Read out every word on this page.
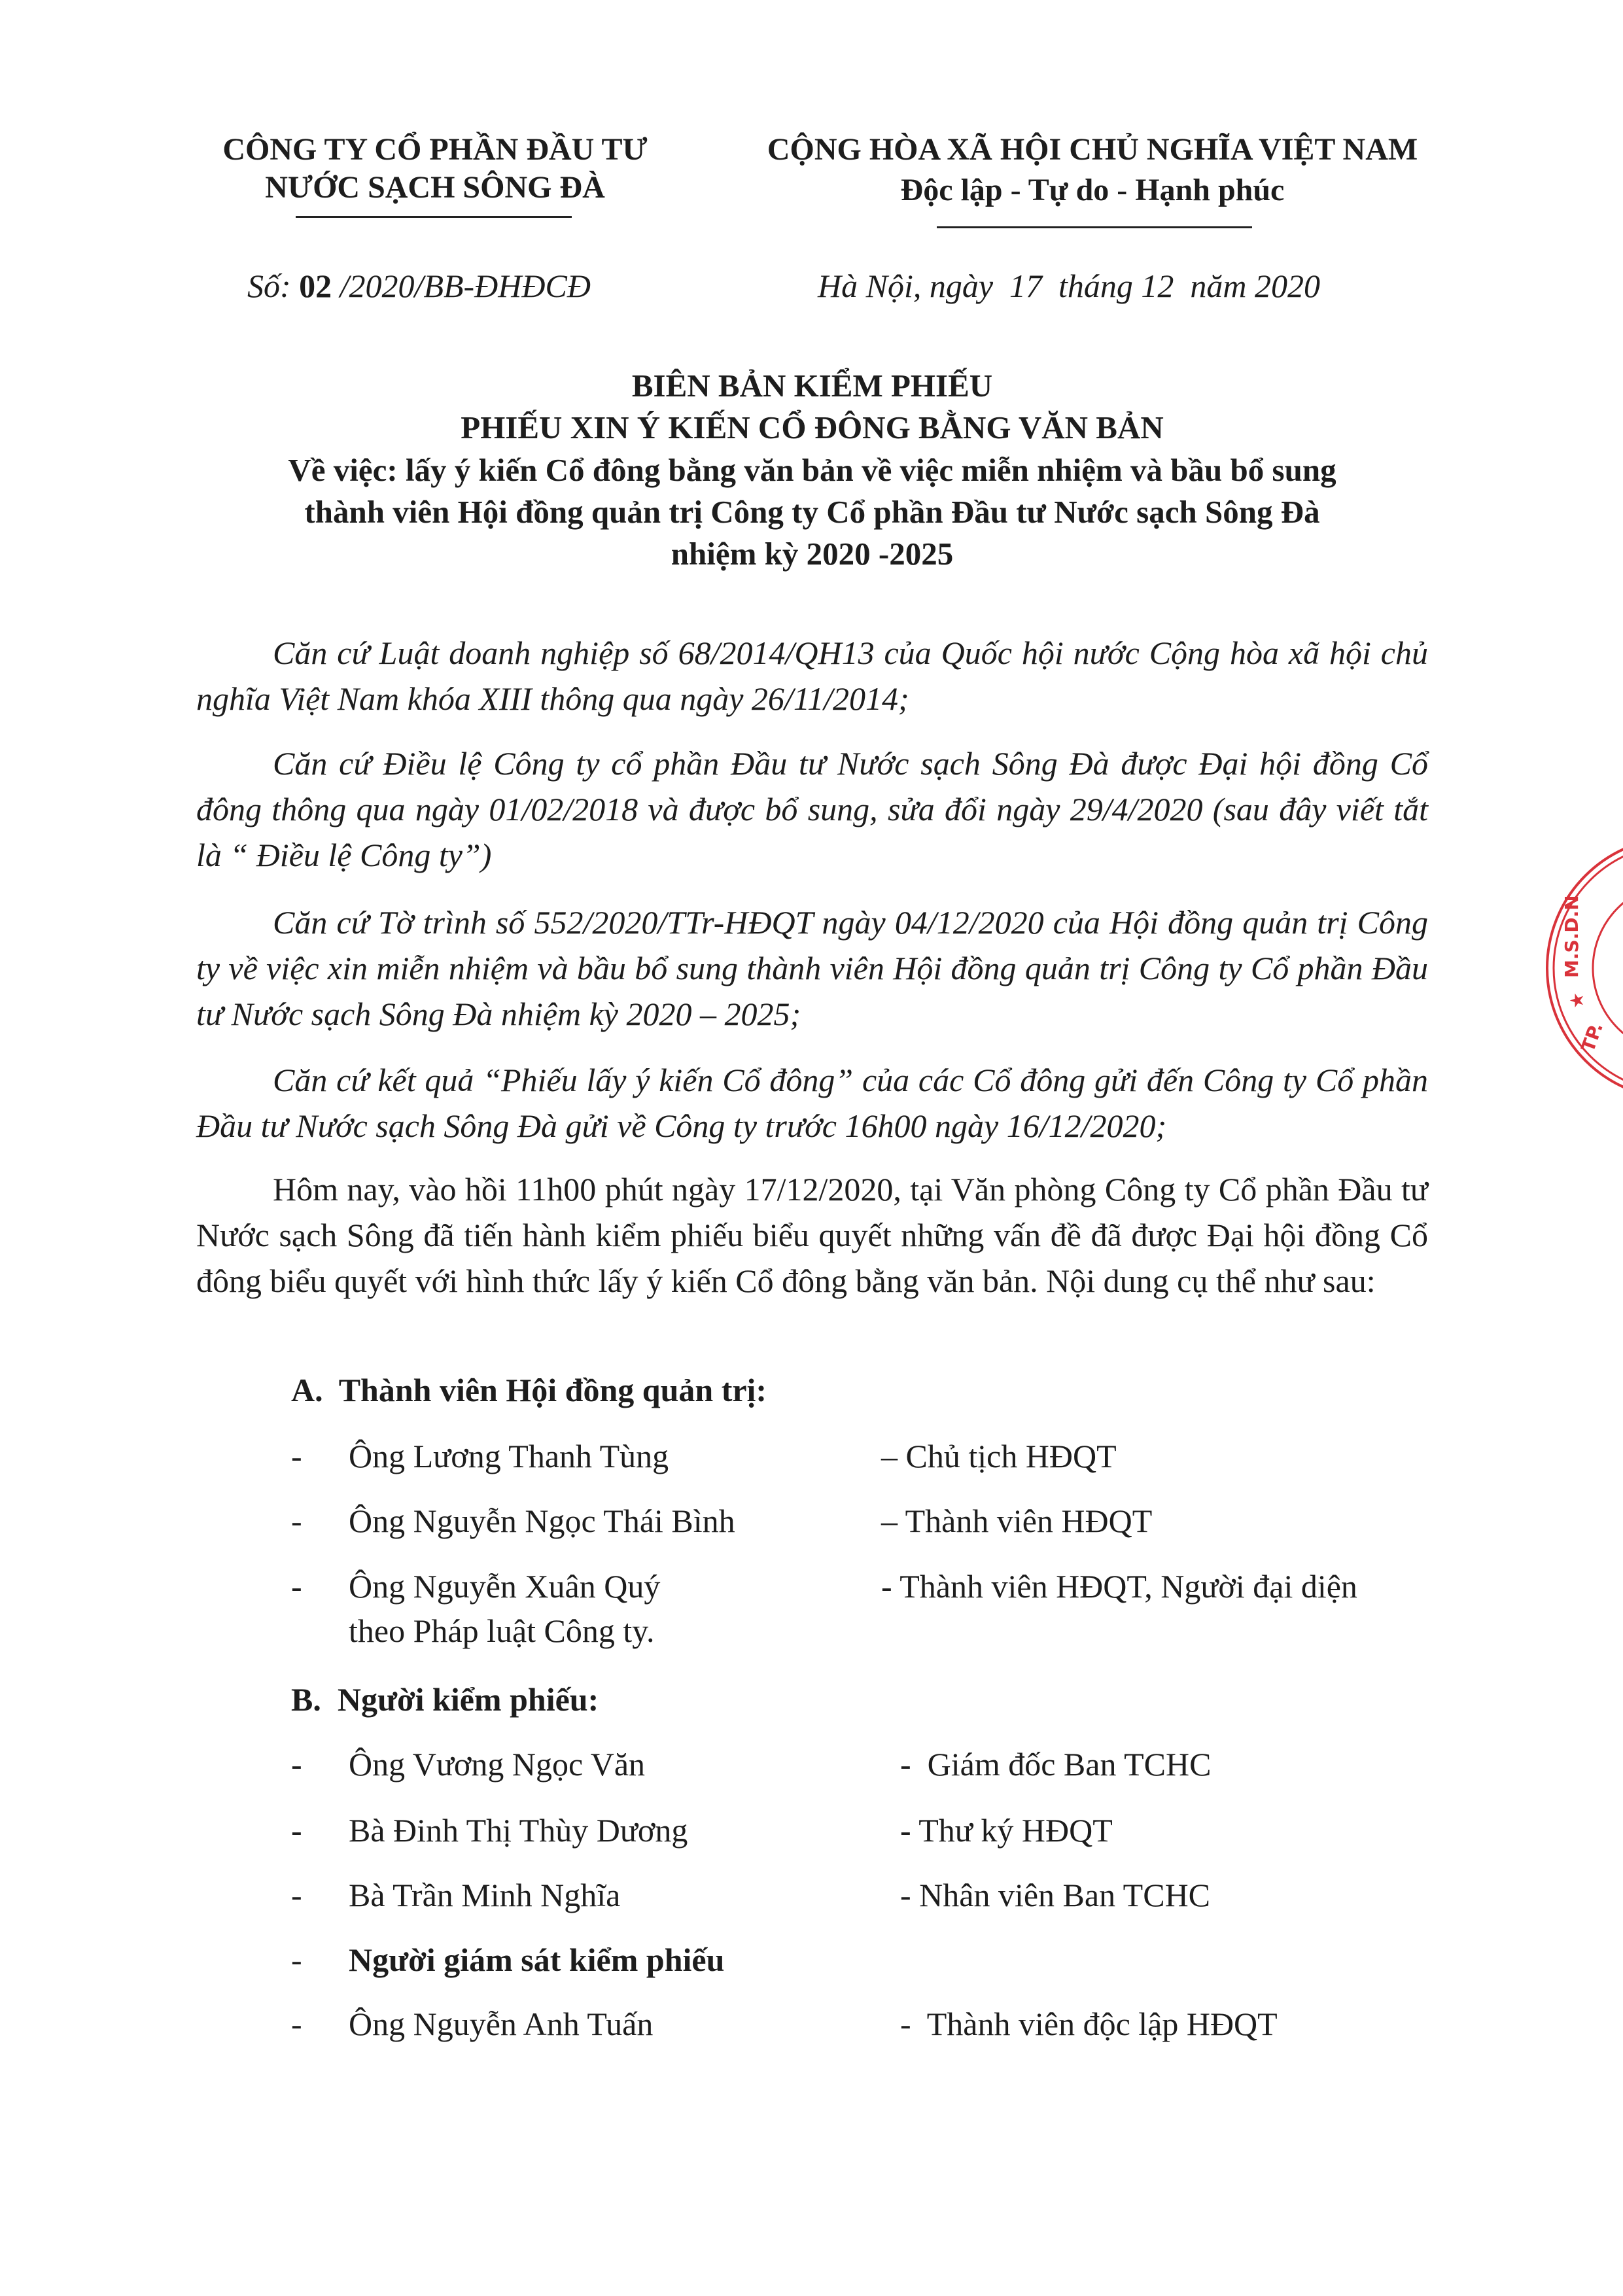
CÔNG TY CỔ PHẦN ĐẦU TƯ
NƯỚC SẠCH SÔNG ĐÀ
CỘNG HÒA XÃ HỘI CHỦ NGHĨA VIỆT NAM
Độc lập - Tự do - Hạnh phúc
Số: 02 /2020/BB-ĐHĐCĐ	Hà Nội, ngày  17  tháng 12  năm 2020
BIÊN BẢN KIỂM PHIẾU
PHIẾU XIN Ý KIẾN CỔ ĐÔNG BẰNG VĂN BẢN
Về việc: lấy ý kiến Cổ đông bằng văn bản về việc miễn nhiệm và bầu bổ sung
thành viên Hội đồng quản trị Công ty Cổ phần Đầu tư Nước sạch Sông Đà
nhiệm kỳ 2020 -2025
Căn cứ Luật doanh nghiệp số 68/2014/QH13 của Quốc hội nước Cộng hòa xã hội chủ nghĩa Việt Nam khóa XIII thông qua ngày 26/11/2014;
Căn cứ Điều lệ Công ty cổ phần Đầu tư Nước sạch Sông Đà được Đại hội đồng Cổ đông thông qua ngày 01/02/2018 và được bổ sung, sửa đổi ngày 29/4/2020 (sau đây viết tắt là “ Điều lệ Công ty”)
Căn cứ Tờ trình số 552/2020/TTr-HĐQT ngày 04/12/2020 của Hội đồng quản trị Công ty về việc xin miễn nhiệm và bầu bổ sung thành viên Hội đồng quản trị Công ty Cổ phần Đầu tư Nước sạch Sông Đà nhiệm kỳ 2020 – 2025;
Căn cứ kết quả “Phiếu lấy ý kiến Cổ đông” của các Cổ đông gửi đến Công ty Cổ phần Đầu tư Nước sạch Sông Đà gửi về Công ty trước 16h00 ngày 16/12/2020;
Hôm nay, vào hồi 11h00 phút ngày 17/12/2020, tại Văn phòng Công ty Cổ phần Đầu tư Nước sạch Sông đã tiến hành kiểm phiếu biểu quyết những vấn đề đã được Đại hội đồng Cổ đông biểu quyết với hình thức lấy ý kiến Cổ đông bằng văn bản. Nội dung cụ thể như sau:
A.  Thành viên Hội đồng quản trị:
- Ông Lương Thanh Tùng	– Chủ tịch HĐQT
- Ông Nguyễn Ngọc Thái Bình	– Thành viên HĐQT
- Ông Nguyễn Xuân Quý	- Thành viên HĐQT, Người đại diện
theo Pháp luật Công ty.
B.  Người kiểm phiếu:
- Ông Vương Ngọc Văn	-  Giám đốc Ban TCHC
- Bà Đinh Thị Thùy Dương	- Thư ký HĐQT
- Bà Trần Minh Nghĩa	- Nhân viên Ban TCHC
- Người giám sát kiểm phiếu
- Ông Nguyễn Anh Tuấn	-  Thành viên độc lập HĐQT
M.S.D.N
★
TP.
